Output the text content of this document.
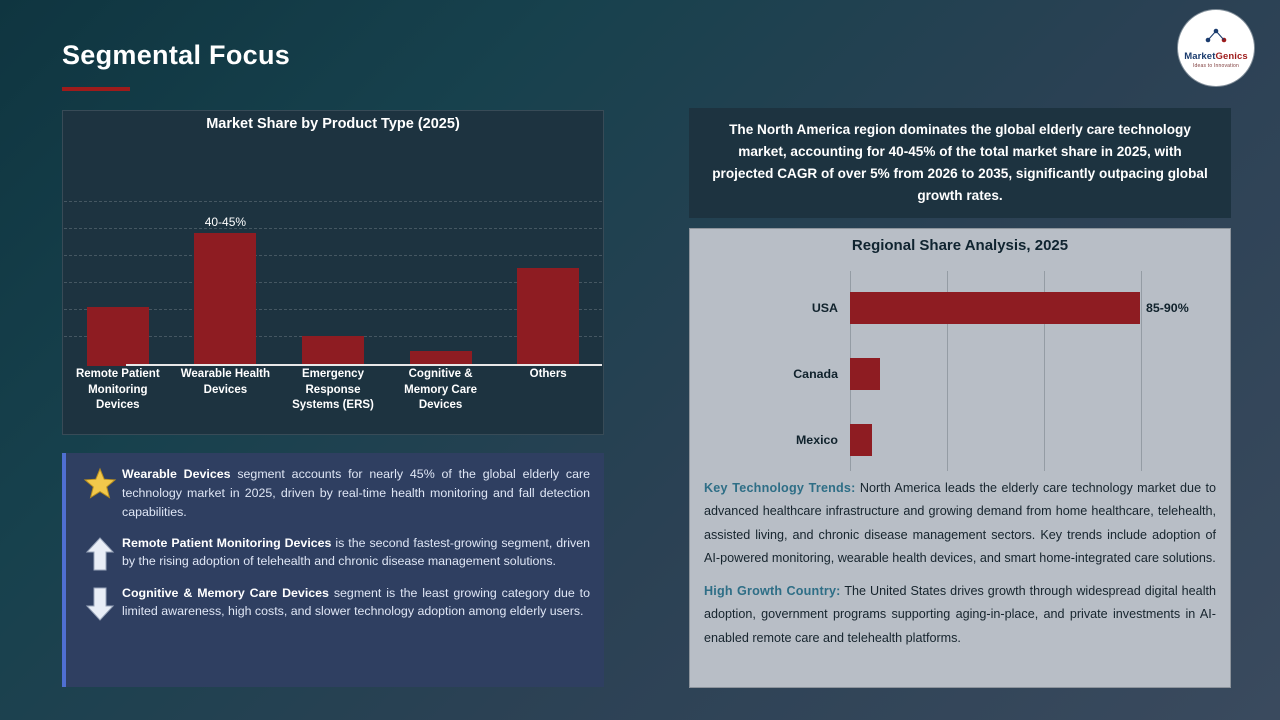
Segmental Focus	MarketGenics
Ideas to Innovation
Market Share by Product Type (2025)
40-45%
Remote Patient Monitoring Devices
Wearable Health Devices
Emergency Response Systems (ERS)
Cognitive & Memory Care Devices
Others
Wearable Devices segment accounts for nearly 45% of the global elderly care technology market in 2025, driven by real-time health monitoring and fall detection capabilities.
Remote Patient Monitoring Devices is the second fastest-growing segment, driven by the rising adoption of telehealth and chronic disease management solutions.
Cognitive & Memory Care Devices segment is the least growing category due to limited awareness, high costs, and slower technology adoption among elderly users.
The North America region dominates the global elderly care technology market, accounting for 40-45% of the total market share in 2025, with projected CAGR of over 5% from 2026 to 2035, significantly outpacing global growth rates.
Regional Share Analysis, 2025
USA	85-90%
Canada
Mexico

Key Technology Trends: North America leads the elderly care technology market due to advanced healthcare infrastructure and growing demand from home healthcare, telehealth, assisted living, and chronic disease management sectors. Key trends include adoption of AI-powered monitoring, wearable health devices, and smart home-integrated care solutions.

High Growth Country: The United States drives growth through widespread digital health adoption, government programs supporting aging-in-place, and private investments in AI-enabled remote care and telehealth platforms.
